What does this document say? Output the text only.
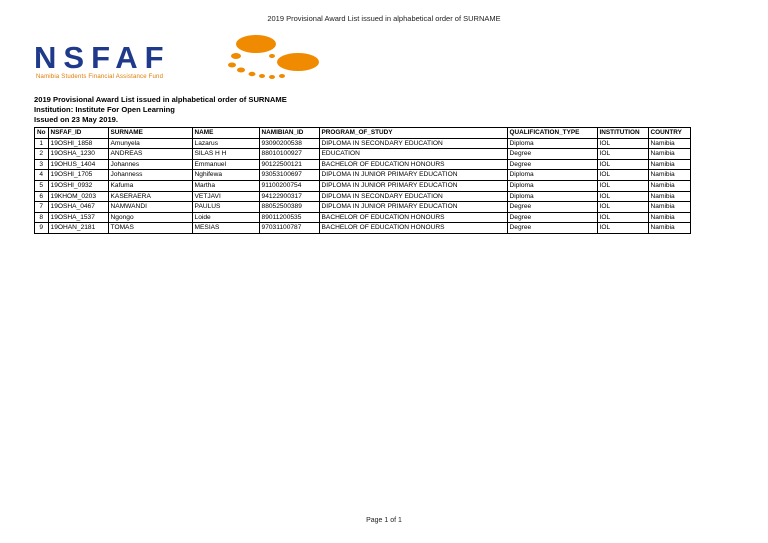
2019 Provisional Award List issued in alphabetical order of SURNAME
NSFAF
Namibia Students Financial Assistance Fund
2019 Provisional Award List issued in alphabetical order of SURNAME
Institution: Institute For Open Learning
Issued on 23 May 2019.
No	NSFAF_ID	SURNAME	NAME	NAMIBIAN_ID	PROGRAM_OF_STUDY	QUALIFICATION_TYPE	INSTITUTION	COUNTRY
1	19OSHI_1858	Amunyela	Lazarus	93090200538	DIPLOMA IN SECONDARY EDUCATION	Diploma	IOL	Namibia
2	19OSHA_1230	ANDREAS	SILAS H H	88010100927	EDUCATION	Degree	IOL	Namibia
3	19OHUS_1404	Johannes	Emmanuel	90122500121	BACHELOR OF EDUCATION HONOURS	Degree	IOL	Namibia
4	19OSHI_1705	Johanness	Nghifewa	93053100697	DIPLOMA IN JUNIOR PRIMARY EDUCATION	Diploma	IOL	Namibia
5	19OSHI_0932	Kafuma	Martha	91100200754	DIPLOMA IN JUNIOR PRIMARY EDUCATION	Diploma	IOL	Namibia
6	19KHOM_0203	KASERAERA	VETJAVI	94122900317	DIPLOMA IN SECONDARY EDUCATION	Diploma	IOL	Namibia
7	19OSHA_0467	NAMWANDI	PAULUS	88052500389	DIPLOMA IN JUNIOR PRIMARY EDUCATION	Degree	IOL	Namibia
8	19OSHA_1537	Ngongo	Loide	89011200535	BACHELOR OF EDUCATION HONOURS	Degree	IOL	Namibia
9	19OHAN_2181	TOMAS	MESIAS	97031100787	BACHELOR OF EDUCATION HONOURS	Degree	IOL	Namibia
Page 1 of 1
